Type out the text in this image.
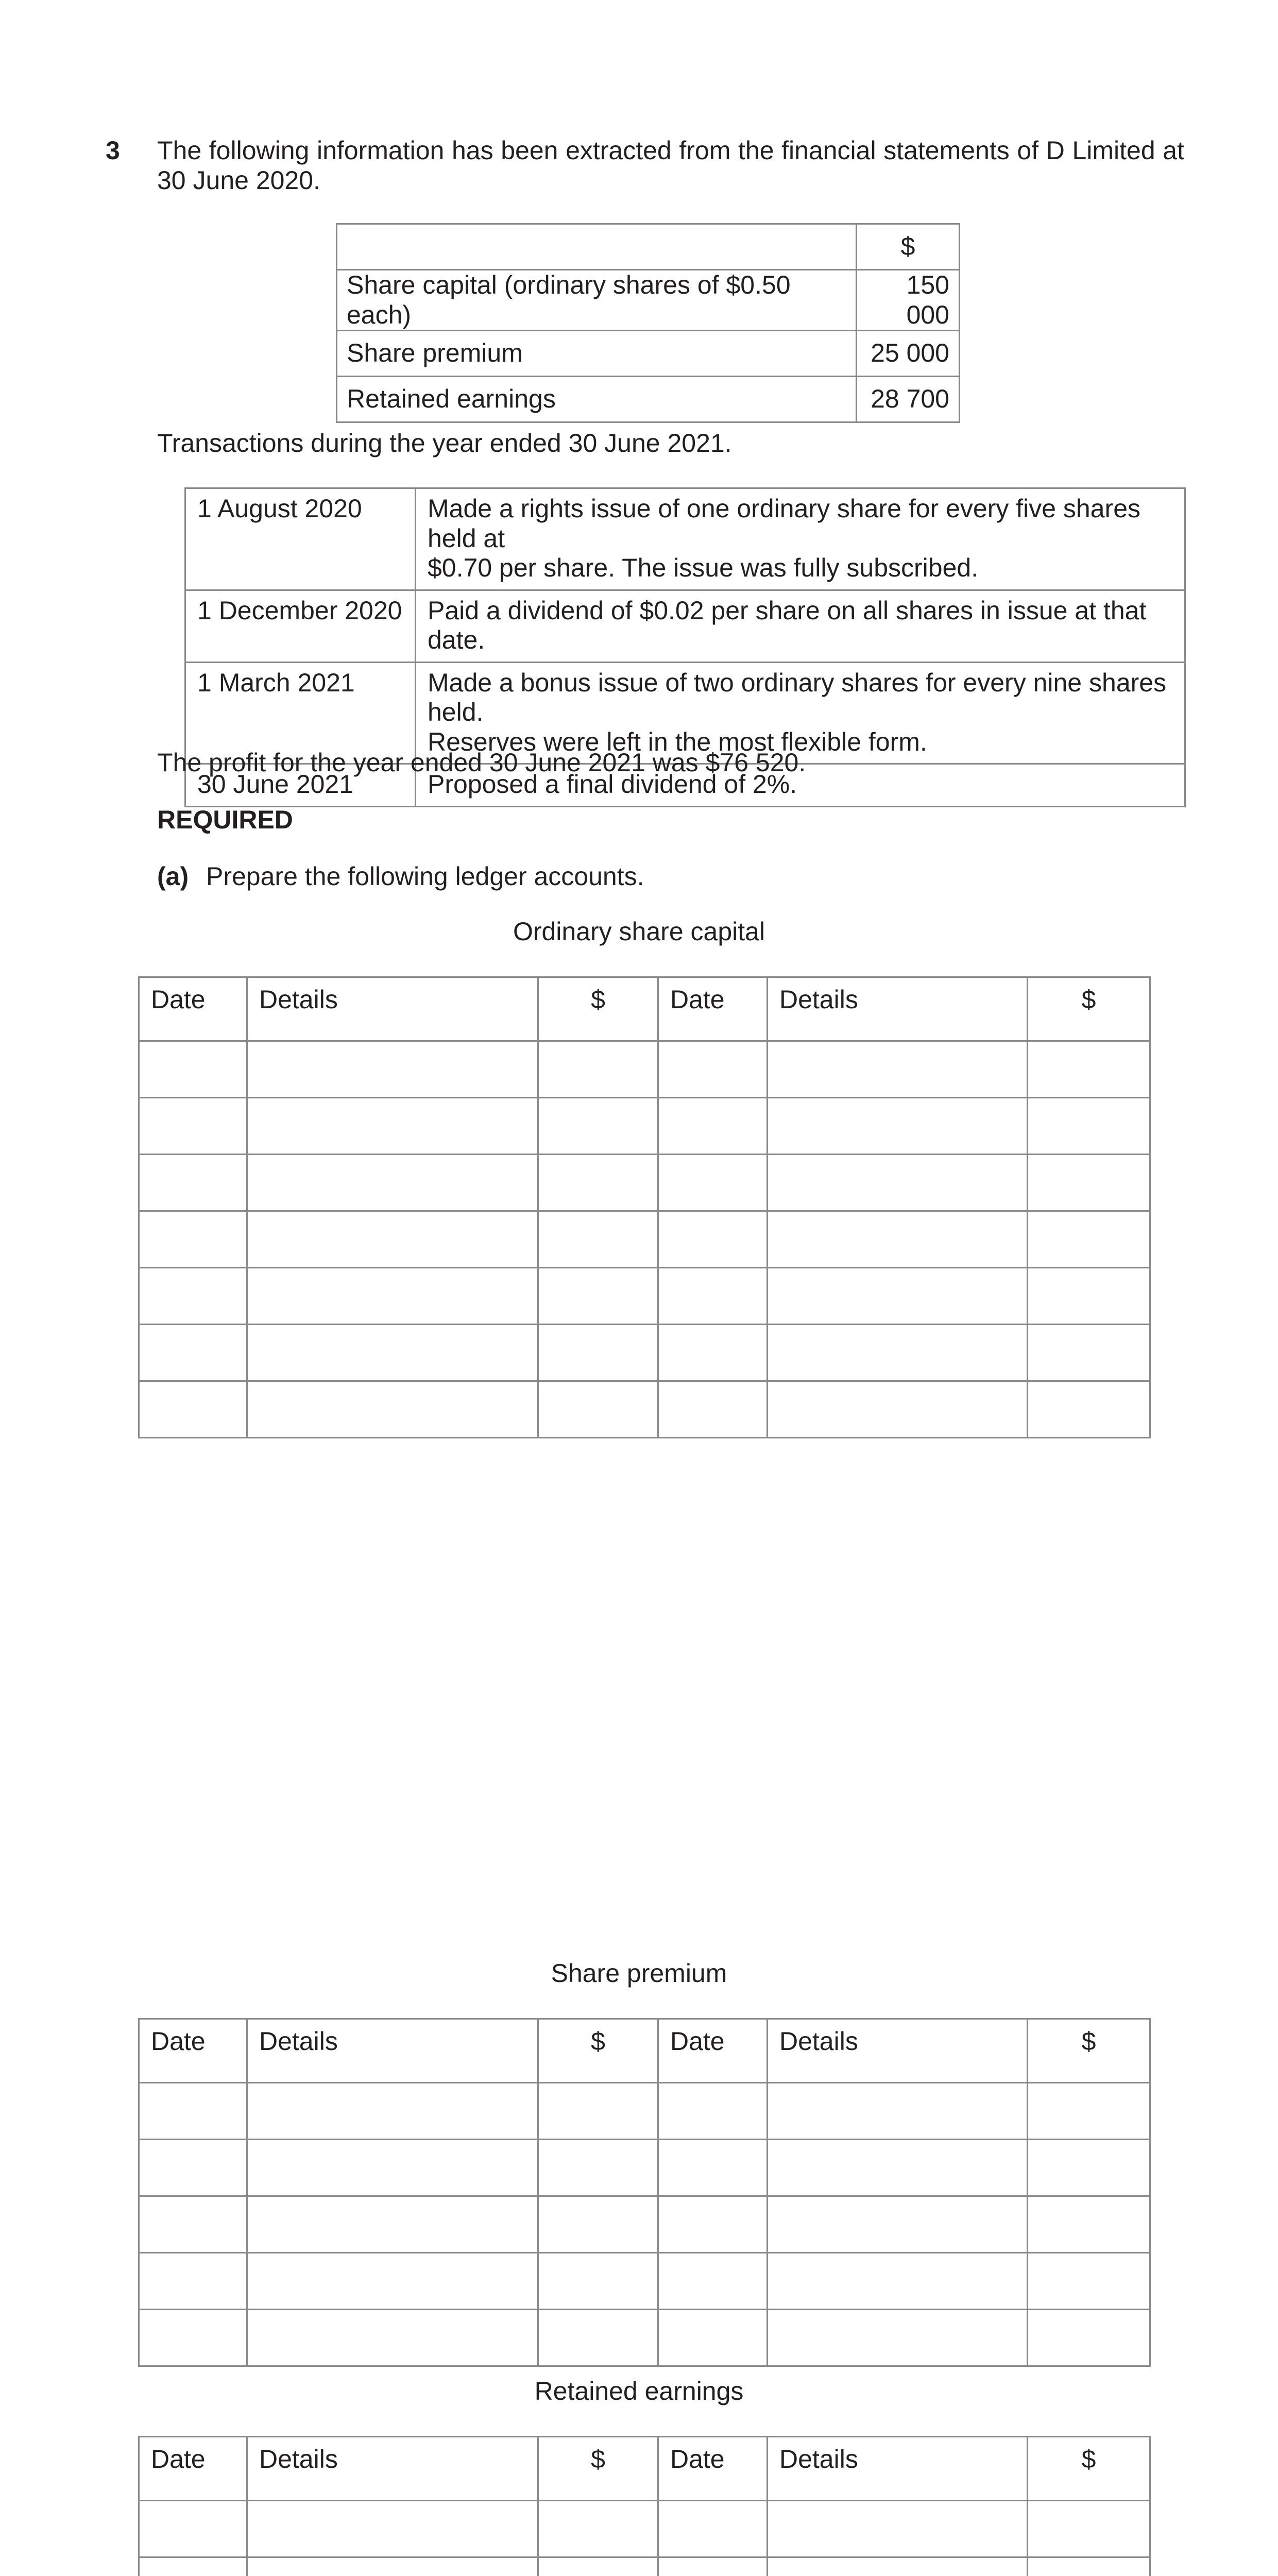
3 The following information has been extracted from the financial statements of D Limited at
30 June 2020.
	$
Share capital (ordinary shares of $0.50 each)	150 000
Share premium	25 000
Retained earnings	28 700
Transactions during the year ended 30 June 2021.
1 August 2020	Made a rights issue of one ordinary share for every five shares held at
$0.70 per share. The issue was fully subscribed.

1 December 2020	Paid a dividend of $0.02 per share on all shares in issue at that date.

1 March 2021	Made a bonus issue of two ordinary shares for every nine shares held.
Reserves were left in the most flexible form.

30 June 2021	Proposed a final dividend of 2%.
The profit for the year ended 30 June 2021 was $76 520.
REQUIRED
(a) Prepare the following ledger accounts.
Ordinary share capital
Date	Details	$	Date	Details	$

Share premium
Date	Details	$	Date	Details	$

Retained earnings
Date	Details	$	Date	Details	$
